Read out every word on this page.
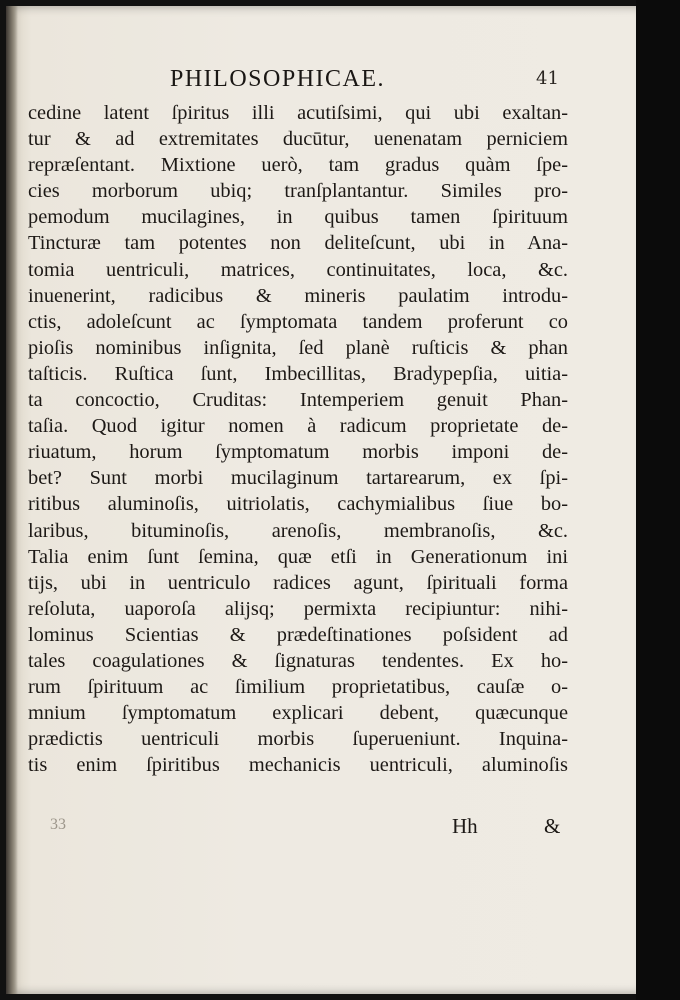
PHILOSOPHICAE.	41
cedine latent ſpiritus illi acutiſsimi, qui ubi exaltan-
tur & ad extremitates ducūtur, uenenatam perniciem
repræſentant. Mixtione uerò, tam gradus quàm ſpe-
cies morborum ubiq; tranſplantantur. Similes pro-
pemodum mucilagines, in quibus tamen ſpirituum
Tincturæ tam potentes non deliteſcunt, ubi in Ana-
tomia uentriculi, matrices, continuitates, loca, &c.
inuenerint, radicibus & mineris paulatim introdu-
ctis, adoleſcunt ac ſymptomata tandem proferunt co
pioſis nominibus inſignita, ſed planè ruſticis & phan
taſticis. Ruſtica ſunt, Imbecillitas, Bradypepſia, uitia-
ta concoctio, Cruditas: Intemperiem genuit Phan-
taſia. Quod igitur nomen à radicum proprietate de-
riuatum, horum ſymptomatum morbis imponi de-
bet? Sunt morbi mucilaginum tartarearum, ex ſpi-
ritibus aluminoſis, uitriolatis, cachymialibus ſiue bo-
laribus, bituminoſis, arenoſis, membranoſis, &c.
Talia enim ſunt ſemina, quæ etſi in Generationum ini
tijs, ubi in uentriculo radices agunt, ſpirituali forma
reſoluta, uaporoſa alijsq; permixta recipiuntur: nihi-
lominus Scientias & prædeſtinationes poſsident ad
tales coagulationes & ſignaturas tendentes. Ex ho-
rum ſpirituum ac ſimilium proprietatibus, cauſæ o-
mnium ſymptomatum explicari debent, quæcunque
prædictis uentriculi morbis ſuperueniunt. Inquina-
tis enim ſpiritibus mechanicis uentriculi, aluminoſis
33	Hh	&
